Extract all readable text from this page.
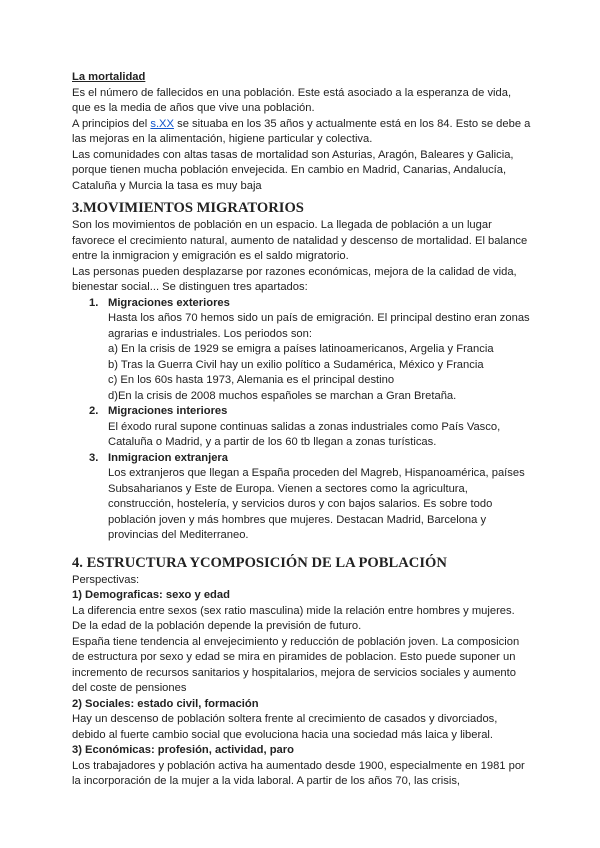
La mortalidad

Es el número de fallecidos en una población. Este está asociado a la esperanza de vida, que es la media de años que vive una población.

A principios del s.XX se situaba en los 35 años y actualmente está en los 84. Esto se debe a las mejoras en la alimentación, higiene particular y colectiva.

Las comunidades con altas tasas de mortalidad son Asturias, Aragón, Baleares y Galicia, porque tienen mucha población envejecida. En cambio en Madrid, Canarias, Andalucía, Cataluña y Murcia la tasa es muy baja

3.MOVIMIENTOS MIGRATORIOS

Son los movimientos de población en un espacio. La llegada de población a un lugar favorece el crecimiento natural, aumento de natalidad y descenso de mortalidad. El balance entre la inmigracion y emigración es el saldo migratorio.

Las personas pueden desplazarse por razones económicas, mejora de la calidad de vida, bienestar social... Se distinguen tres apartados:

1. Migraciones exteriores

Hasta los años 70 hemos sido un país de emigración. El principal destino eran zonas agrarias e industriales. Los periodos son:

a) En la crisis de 1929 se emigra a países latinoamericanos, Argelia y Francia

b) Tras la Guerra Civil hay un exilio político a Sudamérica, México y Francia

c) En los 60s hasta 1973, Alemania es el principal destino

d)En la crisis de 2008 muchos españoles se marchan a Gran Bretaña.

2. Migraciones interiores

El éxodo rural supone continuas salidas a zonas industriales como País Vasco, Cataluña o Madrid, y a partir de los 60 tb llegan a zonas turísticas.

3. Inmigracion extranjera

Los extranjeros que llegan a España proceden del Magreb, Hispanoamérica, países Subsaharianos y Este de Europa. Vienen a sectores como la agricultura, construcción, hostelería, y servicios duros y con bajos salarios. Es sobre todo población joven y más hombres que mujeres. Destacan Madrid, Barcelona y provincias del Mediterraneo.

4. ESTRUCTURA YCOMPOSICIÓN DE LA POBLACIÓN

Perspectivas:

1) Demograficas: sexo y edad

La diferencia entre sexos (sex ratio masculina) mide la relación entre hombres y mujeres. De la edad de la población depende la previsión de futuro.

España tiene tendencia al envejecimiento y reducción de población joven. La composicion de estructura por sexo y edad se mira en piramides de poblacion. Esto puede suponer un incremento de recursos sanitarios y hospitalarios, mejora de servicios sociales y aumento del coste de pensiones

2) Sociales: estado civil, formación

Hay un descenso de población soltera frente al crecimiento de casados y divorciados, debido al fuerte cambio social que evoluciona hacia una sociedad más laica y liberal.

3) Económicas: profesión, actividad, paro

Los trabajadores y población activa ha aumentado desde 1900, especialmente en 1981 por la incorporación de la mujer a la vida laboral. A partir de los años 70, las crisis,
